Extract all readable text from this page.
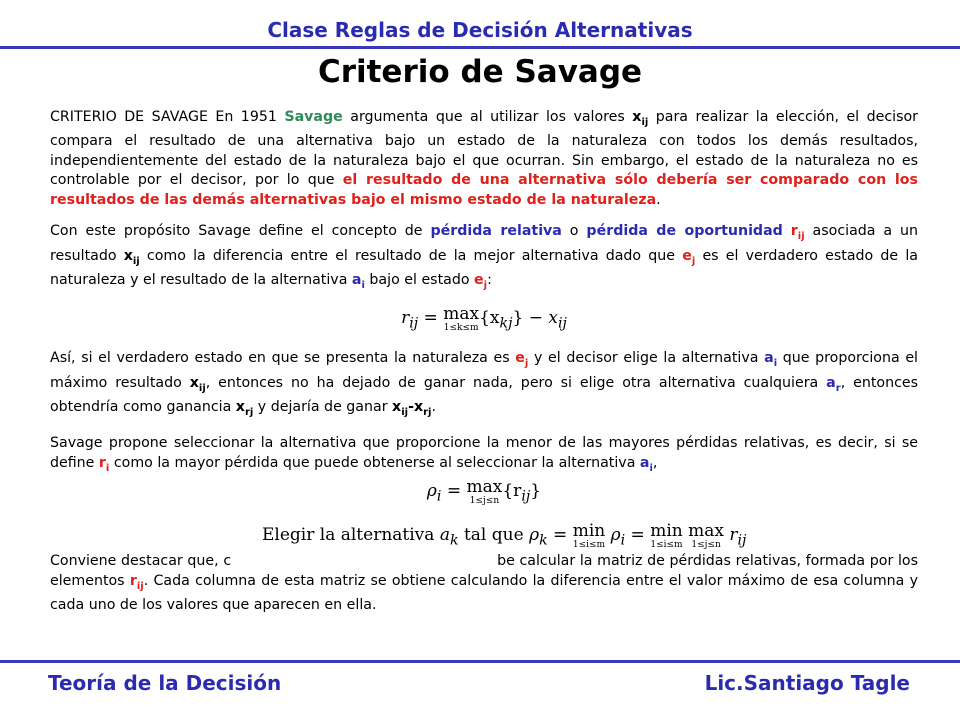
Clase Reglas de Decisión Alternativas
Criterio de Savage

CRITERIO DE SAVAGE En 1951 Savage argumenta que al utilizar los valores $x_{ij}$ para realizar la elección, el decisor compara el resultado de una alternativa bajo un estado de la naturaleza con todos los demás resultados, independientemente del estado de la naturaleza bajo el que ocurran. Sin embargo, el estado de la naturaleza no es controlable por el decisor, por lo que el resultado de una alternativa sólo debería ser comparado con los resultados de las demás alternativas bajo el mismo estado de la naturaleza.

Con este propósito Savage define el concepto de pérdida relativa o pérdida de oportunidad $r_{ij}$ asociada a un resultado $x_{ij}$ como la diferencia entre el resultado de la mejor alternativa dado que $e_j$ es el verdadero estado de la naturaleza y el resultado de la alternativa $a_i$ bajo el estado $e_j$:

$r_{ij} = \max$
1≤k≤m $\{x_{kj}\} - x_{ij}$

Así, si el verdadero estado en que se presenta la naturaleza es $e_j$ y el decisor elige la alternativa $a_i$ que proporciona el máximo resultado $x_{ij}$, entonces no ha dejado de ganar nada, pero si elige otra alternativa cualquiera $a_r$, entonces obtendría como ganancia $x_{rj}$ y dejaría de ganar $x_{ij}-x_{rj}$.

Savage propone seleccionar la alternativa que proporcione la menor de las mayores pérdidas relativas, es decir, si se define $r_i$ como la mayor pérdida que puede obtenerse al seleccionar la alternativa $a_i$,

$\rho_i = \max$
1≤j≤n $\{r_{ij}\}$

Conviene destacar que, c	be calcular la matriz de pérdidas relativas, formada por los elementos $r_{ij}$. Cada columna de esta matriz se obtiene calculando la diferencia entre el valor máximo de esa columna y cada uno de los valores que aparecen en ella.

Elegir la alternativa $a_k$ tal que $\rho_k = \min$
1≤i≤m $\rho_i = \min$
1≤i≤m

max
1≤j≤n $r_{ij}$
Teoría de la Decisión	Lic.Santiago Tagle
